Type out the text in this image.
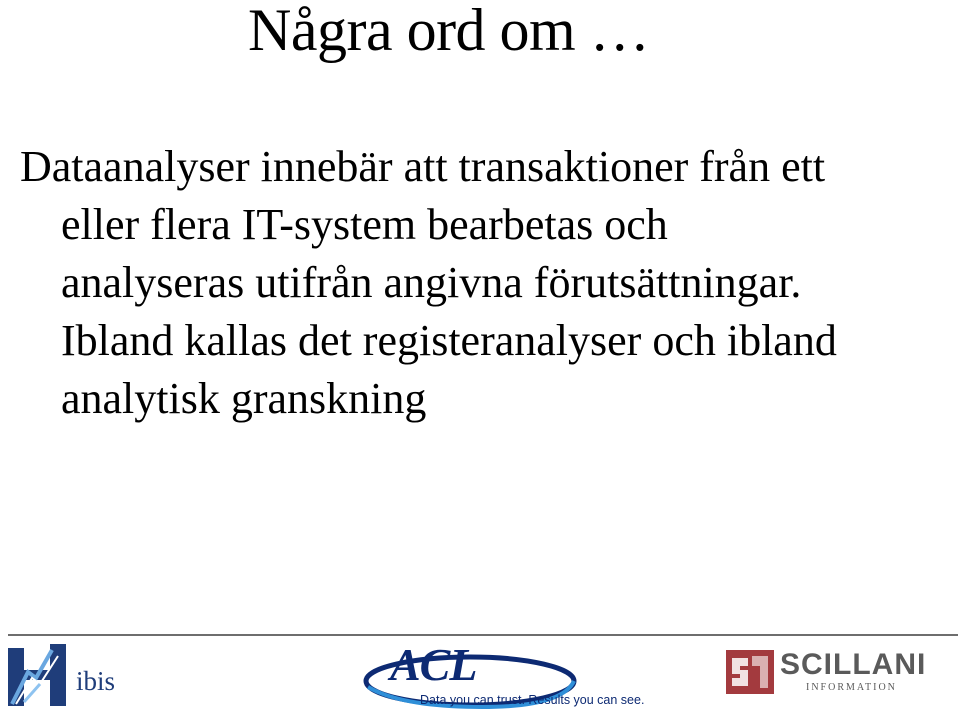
Några ord om …
Dataanalyser innebär att transaktioner från ett
eller flera IT-system bearbetas och
analyseras utifrån angivna förutsättningar.
Ibland kallas det registeranalyser och ibland
analytisk granskning
ibis	ACL
Data you can trust. Results you can see.
SCILLANI
INFORMATION
